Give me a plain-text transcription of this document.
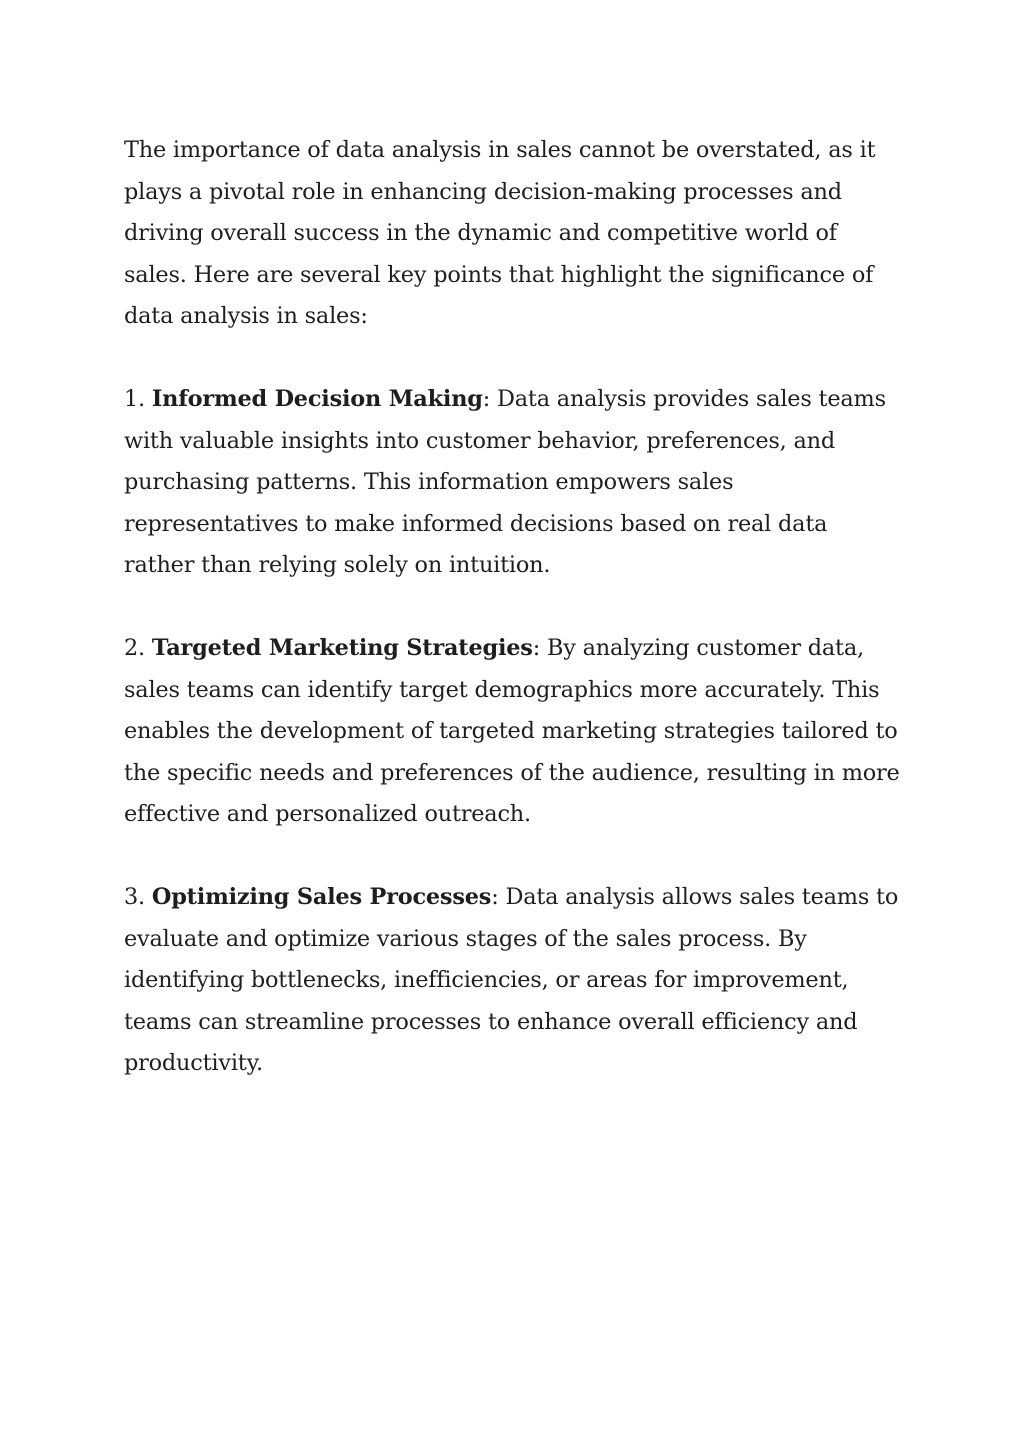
The importance of data analysis in sales cannot be overstated, as it plays a pivotal role in enhancing decision-making processes and driving overall success in the dynamic and competitive world of sales. Here are several key points that highlight the significance of data analysis in sales:

1. Informed Decision Making: Data analysis provides sales teams with valuable insights into customer behavior, preferences, and purchasing patterns. This information empowers sales representatives to make informed decisions based on real data rather than relying solely on intuition.

2. Targeted Marketing Strategies: By analyzing customer data, sales teams can identify target demographics more accurately. This enables the development of targeted marketing strategies tailored to the specific needs and preferences of the audience, resulting in more effective and personalized outreach.

3. Optimizing Sales Processes: Data analysis allows sales teams to evaluate and optimize various stages of the sales process. By identifying bottlenecks, inefficiencies, or areas for improvement, teams can streamline processes to enhance overall efficiency and productivity.
